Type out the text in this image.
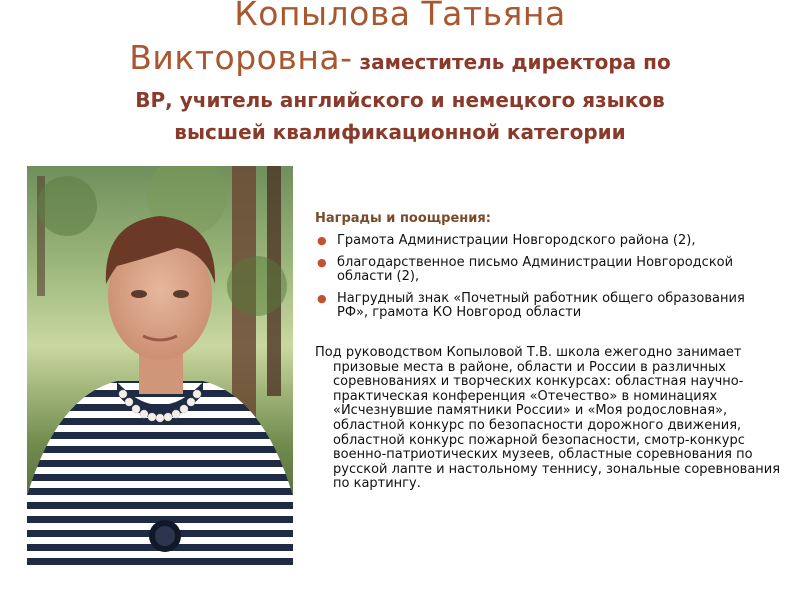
Копылова Татьяна
Викторовна- заместитель директора по
ВР, учитель английского и немецкого языков
высшей квалификационной категории
Награды и поощрения:
● Грамота Администрации Новгородского района (2),
● благодарственное письмо Администрации Новгородской области (2),
● Нагрудный знак «Почетный работник общего образования РФ», грамота КО Новгород области
Под руководством Копыловой Т.В. школа ежегодно занимает призовые места в районе, области и России в различных соревнованиях и творческих конкурсах: областная научно-практическая конференция «Отечество» в номинациях «Исчезнувшие памятники России» и «Моя родословная», областной конкурс по безопасности дорожного движения, областной конкурс пожарной безопасности, смотр-конкурс военно-патриотических музеев, областные соревнования по русской лапте и настольному теннису, зональные соревнования по картингу.
